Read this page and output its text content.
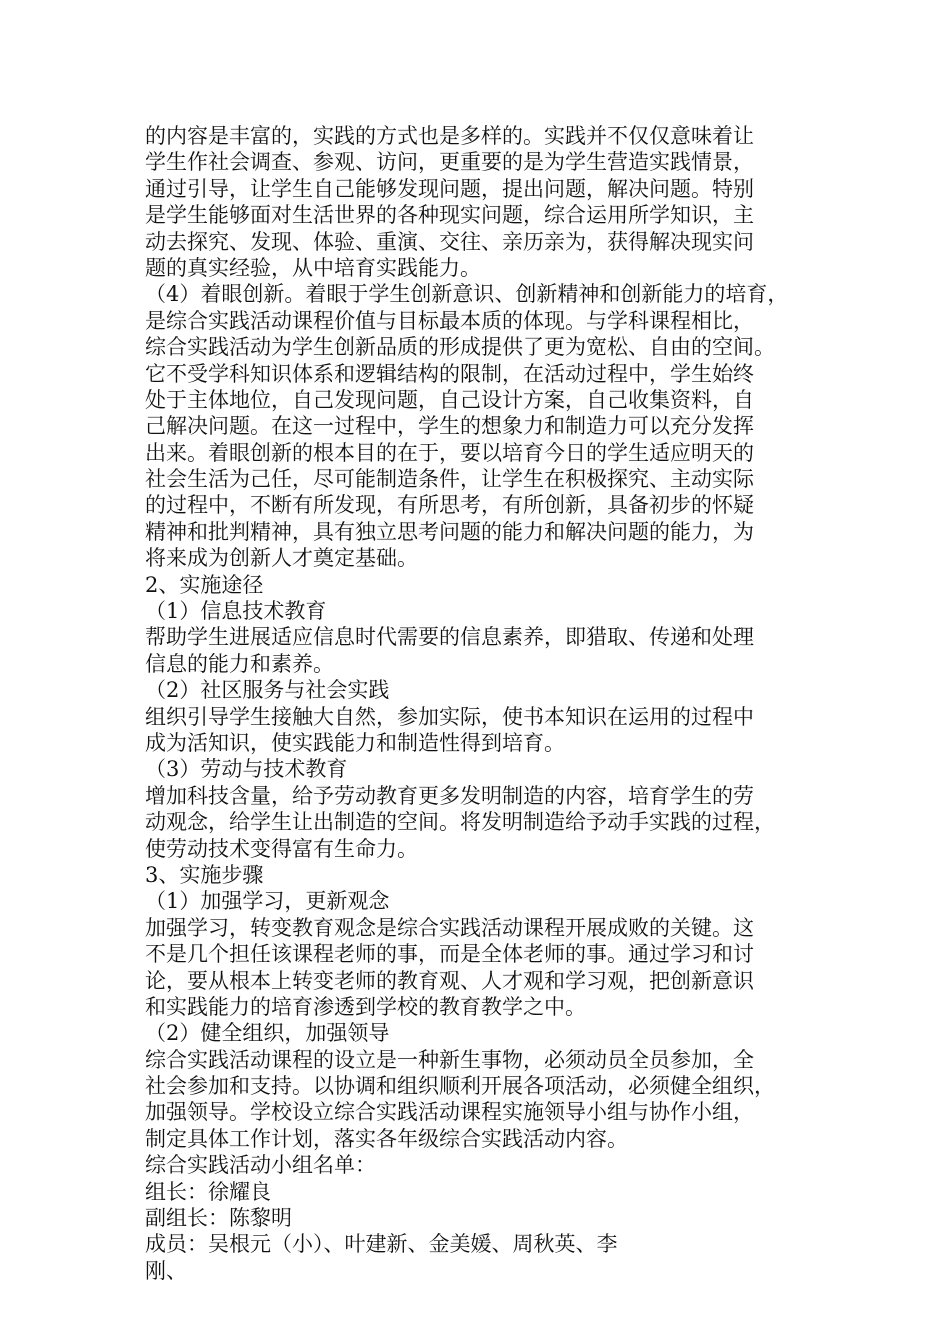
的内容是丰富的，实践的方式也是多样的。实践并不仅仅意味着让
学生作社会调查、参观、访问，更重要的是为学生营造实践情景，
通过引导，让学生自己能够发现问题，提出问题，解决问题。特别
是学生能够面对生活世界的各种现实问题，综合运用所学知识，主
动去探究、发现、体验、重演、交往、亲历亲为，获得解决现实问
题的真实经验，从中培育实践能力。
（4）着眼创新。着眼于学生创新意识、创新精神和创新能力的培育，
是综合实践活动课程价值与目标最本质的体现。与学科课程相比，
综合实践活动为学生创新品质的形成提供了更为宽松、自由的空间。
它不受学科知识体系和逻辑结构的限制，在活动过程中，学生始终
处于主体地位，自己发现问题，自己设计方案，自己收集资料，自
己解决问题。在这一过程中，学生的想象力和制造力可以充分发挥
出来。着眼创新的根本目的在于，要以培育今日的学生适应明天的
社会生活为己任，尽可能制造条件，让学生在积极探究、主动实际
的过程中，不断有所发现，有所思考，有所创新，具备初步的怀疑
精神和批判精神，具有独立思考问题的能力和解决问题的能力，为
将来成为创新人才奠定基础。
2、实施途径
（1）信息技术教育
帮助学生进展适应信息时代需要的信息素养，即猎取、传递和处理
信息的能力和素养。
（2）社区服务与社会实践
组织引导学生接触大自然，参加实际，使书本知识在运用的过程中
成为活知识，使实践能力和制造性得到培育。
（3）劳动与技术教育
增加科技含量，给予劳动教育更多发明制造的内容，培育学生的劳
动观念，给学生让出制造的空间。将发明制造给予动手实践的过程，
使劳动技术变得富有生命力。
3、实施步骤
（1）加强学习，更新观念
加强学习，转变教育观念是综合实践活动课程开展成败的关键。这
不是几个担任该课程老师的事，而是全体老师的事。通过学习和讨
论，要从根本上转变老师的教育观、人才观和学习观，把创新意识
和实践能力的培育渗透到学校的教育教学之中。
（2）健全组织，加强领导
综合实践活动课程的设立是一种新生事物，必须动员全员参加，全
社会参加和支持。以协调和组织顺利开展各项活动，必须健全组织，
加强领导。学校设立综合实践活动课程实施领导小组与协作小组，
制定具体工作计划，落实各年级综合实践活动内容。
综合实践活动小组名单：
组长：徐耀良
副组长：陈黎明
成员：吴根元（小）、叶建新、金美媛、周秋英、李
刚、
